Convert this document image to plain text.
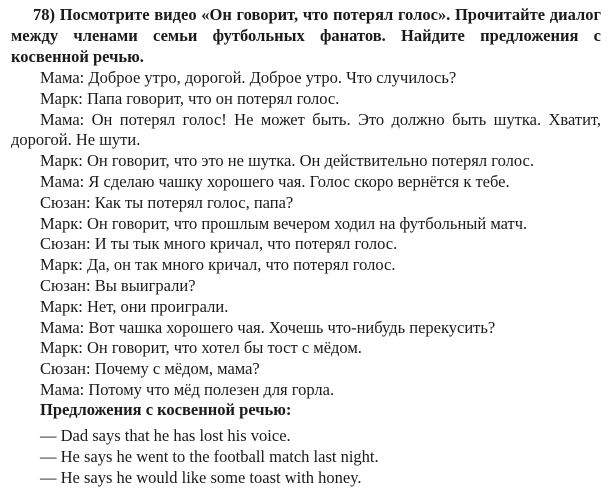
78) Посмотрите видео «Он говорит, что потерял голос». Прочитайте диалог между членами семьи футбольных фанатов. Найдите предложения с косвенной речью.
Мама: Доброе утро, дорогой. Доброе утро. Что случилось?
Марк: Папа говорит, что он потерял голос.
Мама: Он потерял голос! Не может быть. Это должно быть шутка. Хватит, дорогой. Не шути.
Марк: Он говорит, что это не шутка. Он действительно потерял голос.
Мама: Я сделаю чашку хорошего чая. Голос скоро вернётся к тебе.
Сюзан: Как ты потерял голос, папа?
Марк: Он говорит, что прошлым вечером ходил на футбольный матч.
Сюзан: И ты тык много кричал, что потерял голос.
Марк: Да, он так много кричал, что потерял голос.
Сюзан: Вы выиграли?
Марк: Нет, они проиграли.
Мама: Вот чашка хорошего чая. Хочешь что-нибудь перекусить?
Марк: Он говорит, что хотел бы тост с мёдом.
Сюзан: Почему с мёдом, мама?
Мама: Потому что мёд полезен для горла.
Предложения с косвенной речью:
— Dad says that he has lost his voice.
— He says he went to the football match last night.
— He says he would like some toast with honey.
